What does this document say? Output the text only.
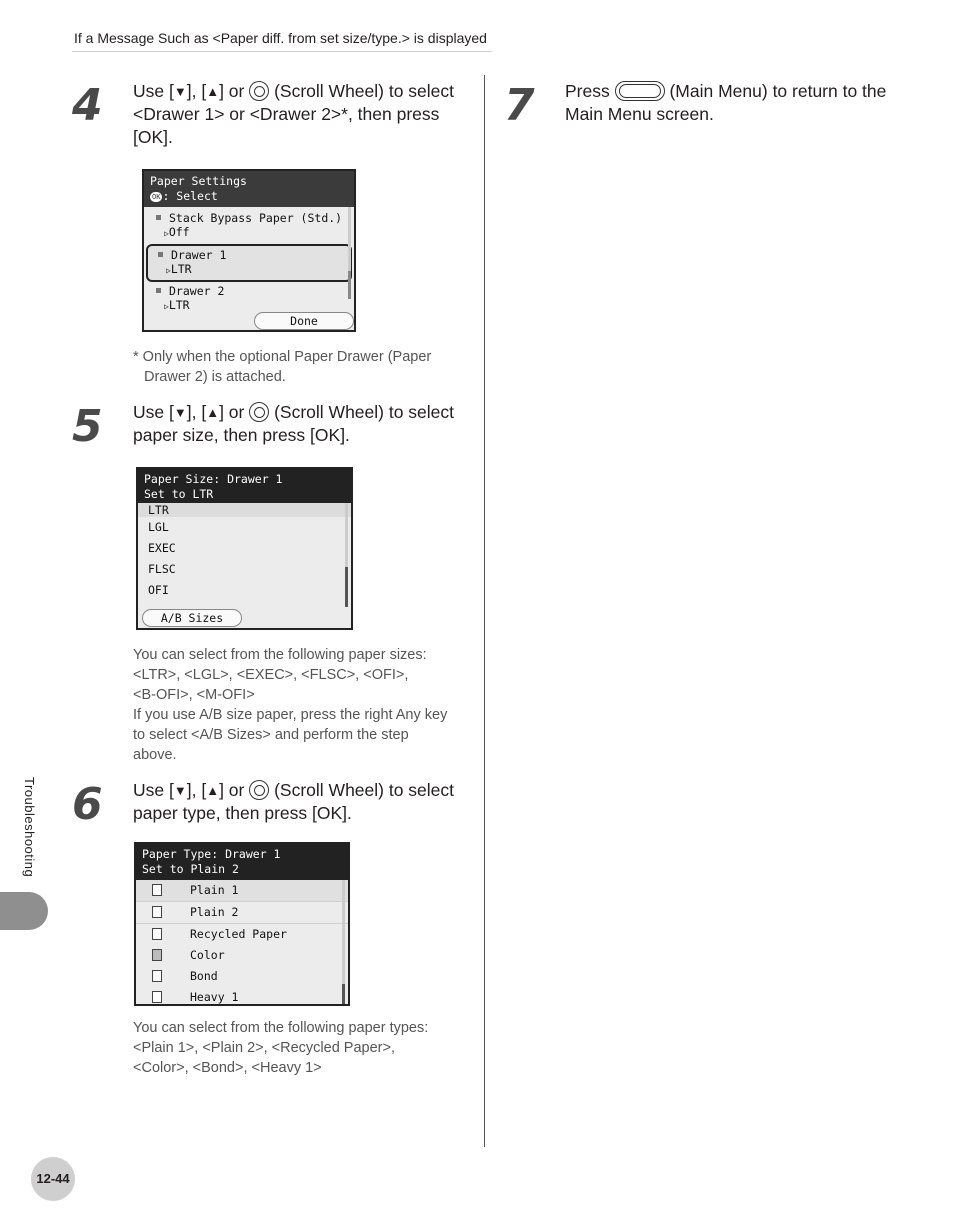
If a Message Such as <Paper diff. from set size/type.> is displayed
4 Use [▼], [▲] or (Scroll Wheel) to select
<Drawer 1> or <Drawer 2>*, then press
[OK].
Paper Settings
OK : Select
Stack Bypass Paper (Std.)
▷Off
Drawer 1
▷LTR
Drawer 2
▷LTR
Done
* Only when the optional Paper Drawer (Paper
Drawer 2) is attached.
5 Use [▼], [▲] or (Scroll Wheel) to select
paper size, then press [OK].
Paper Size: Drawer 1
Set to LTR
LTR
LGL
EXEC
FLSC
OFI
A/B Sizes
You can select from the following paper sizes:
<LTR>, <LGL>, <EXEC>, <FLSC>, <OFI>,
<B-OFI>, <M-OFI>
If you use A/B size paper, press the right Any key
to select <A/B Sizes> and perform the step
above.
6 Use [▼], [▲] or (Scroll Wheel) to select
paper type, then press [OK].
Paper Type: Drawer 1
Set to Plain 2
Plain 1
Plain 2
Recycled Paper
Color
Bond
Heavy 1
You can select from the following paper types:
<Plain 1>, <Plain 2>, <Recycled Paper>,
<Color>, <Bond>, <Heavy 1>
7 Press	(Main Menu) to return to the
Main Menu screen.
Troubleshooting
12-44
